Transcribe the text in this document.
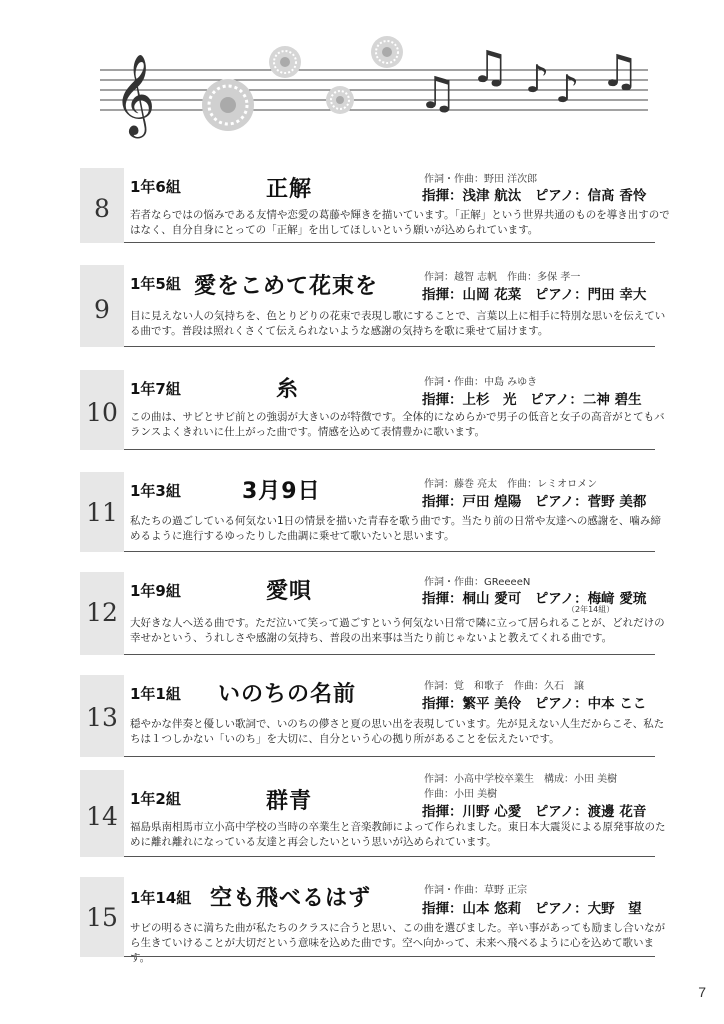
𝄞	♫
♫ ♪ ♪ ♫
8
1年6組	正解	作詞・作曲：野田 洋次郎
指揮：浅津 航汰　ピアノ：信髙 香怜
若者ならではの悩みである友情や恋愛の葛藤や輝きを描いています。「正解」という世界共通のものを導き出すのではなく、自分自身にとっての「正解」を出してほしいという願いが込められています。
9
1年5組 愛をこめて花束を	作詞：越智 志帆　作曲：多保 孝一
指揮：山岡 花菜　ピアノ：門田 幸大
目に見えない人の気持ちを、色とりどりの花束で表現し歌にすることで、言葉以上に相手に特別な思いを伝えている曲です。普段は照れくさくて伝えられないような感謝の気持ちを歌に乗せて届けます。
10
1年7組	糸	作詞・作曲：中島 みゆき
指揮：上杉　光　ピアノ：二神 碧生
この曲は、サビとサビ前との強弱が大きいのが特徴です。全体的になめらかで男子の低音と女子の高音がとてもバランスよくきれいに仕上がった曲です。情感を込めて表情豊かに歌います。
11
1年3組	3月9日	作詞：藤巻 亮太　作曲：レミオロメン
指揮：戸田 煌陽　ピアノ：菅野 美都
私たちの過ごしている何気ない1日の情景を描いた青春を歌う曲です。当たり前の日常や友達への感謝を、噛み締めるように進行するゆったりした曲調に乗せて歌いたいと思います。
12
1年9組	愛唄	作詞・作曲：GReeeeN
指揮：桐山 愛可　ピアノ：梅﨑 愛琉
（2年14組）
大好きな人へ送る曲です。ただ泣いて笑って過ごすという何気ない日常で隣に立って居られることが、どれだけの幸せかという、うれしさや感謝の気持ち、普段の出来事は当たり前じゃないよと教えてくれる曲です。
13
1年1組 いのちの名前	作詞：覚　和歌子　作曲：久石　譲
指揮：繁平 美伶　ピアノ：中本 ここ
穏やかな伴奏と優しい歌詞で、いのちの儚さと夏の思い出を表現しています。先が見えない人生だからこそ、私たちは１つしかない「いのち」を大切に、自分という心の拠り所があることを伝えたいです。
14
1年2組	群青
作詞：小高中学校卒業生　構成：小田 美樹
作曲：小田 美樹
指揮：川野 心愛　ピアノ：渡邊 花音
福島県南相馬市立小高中学校の当時の卒業生と音楽教師によって作られました。東日本大震災による原発事故のために離れ離れになっている友達と再会したいという思いが込められています。
15
1年14組 空も飛べるはず	作詞・作曲：草野 正宗
指揮：山本 悠莉　ピアノ：大野　望
サビの明るさに満ちた曲が私たちのクラスに合うと思い、この曲を選びました。辛い事があっても励まし合いながら生きていけることが大切だという意味を込めた曲です。空へ向かって、未来へ飛べるように心を込めて歌います。
7
